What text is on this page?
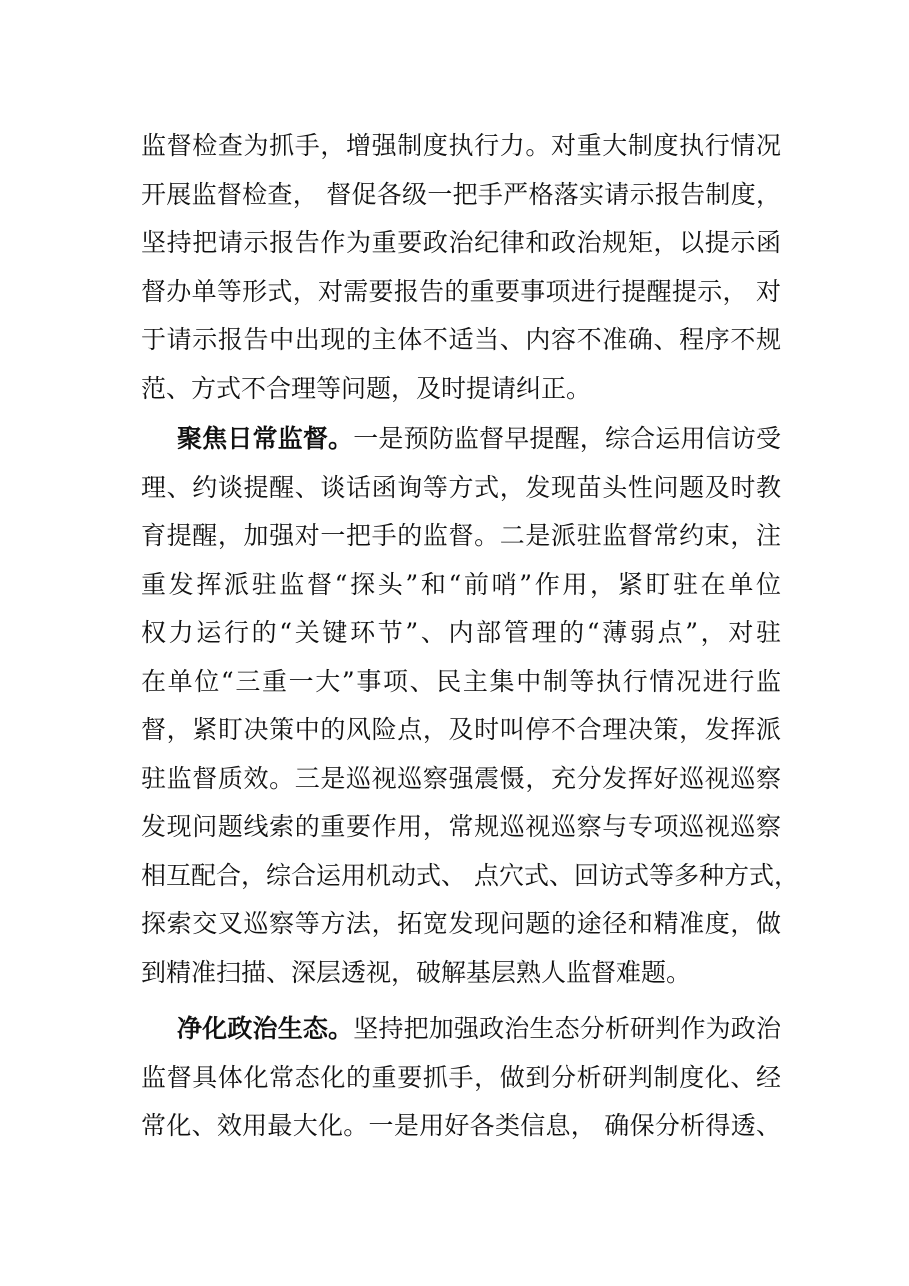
监督检查为抓手，增强制度执行力。对重大制度执行情况
开展监督检查， 督促各级一把手严格落实请示报告制度，
坚持把请示报告作为重要政治纪律和政治规矩，以提示函
督办单等形式，对需要报告的重要事项进行提醒提示， 对
于请示报告中出现的主体不适当、内容不准确、程序不规
范、方式不合理等问题，及时提请纠正。
聚焦日常监督。一是预防监督早提醒，综合运用信访受
理、约谈提醒、谈话函询等方式，发现苗头性问题及时教
育提醒，加强对一把手的监督。二是派驻监督常约束，注
重发挥派驻监督“探头”和“前哨”作用，紧盯驻在单位
权力运行的“关键环节”、内部管理的“薄弱点”，对驻
在单位“三重一大”事项、民主集中制等执行情况进行监
督，紧盯决策中的风险点，及时叫停不合理决策，发挥派
驻监督质效。三是巡视巡察强震慑，充分发挥好巡视巡察
发现问题线索的重要作用，常规巡视巡察与专项巡视巡察
相互配合，综合运用机动式、 点穴式、回访式等多种方式，
探索交叉巡察等方法，拓宽发现问题的途径和精准度，做
到精准扫描、深层透视，破解基层熟人监督难题。
净化政治生态。坚持把加强政治生态分析研判作为政治
监督具体化常态化的重要抓手，做到分析研判制度化、经
常化、效用最大化。一是用好各类信息， 确保分析得透、
